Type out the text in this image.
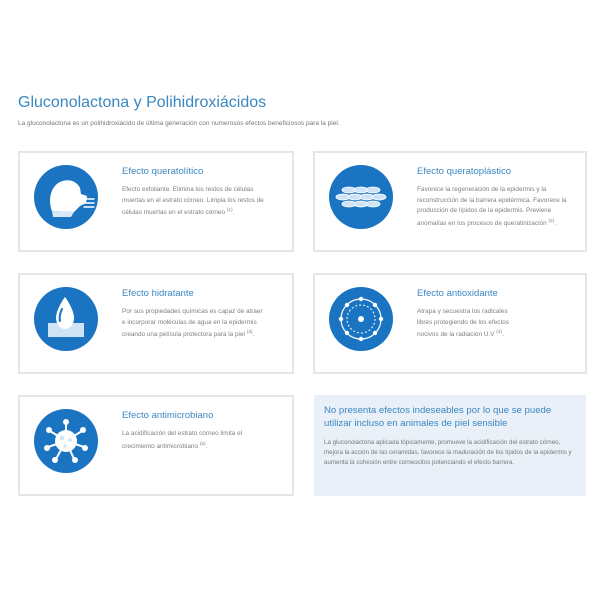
Gluconolactona y Polihidroxiácidos
La gluconolactona es un polihidroxiácido de última generación con numerosos efectos beneficiosos para la piel.
Efecto queratolítico
Efecto exfoliante. Elimina los restos de células muertas en el estrato córneo. Limpia los restos de células muertas en el estrato córneo $^{(1)}$.
Efecto queratoplástico
Favorece la regeneración de la epidermis y la reconstrucción de la barrera epidérmica. Favorece la producción de lípidos de la epidermis. Previene anomalías en los procesos de queratinización $^{(2)}$.
Efecto hidratante
Por sus propiedades químicas es capaz de atraer e incorporar moléculas de agua en la epidermis creando una película protectora para la piel $^{(3)}$.
Efecto antioxidante
Atrapa y secuestra los radicales libres protegiendo de los efectos nocivos de la radiación U.V $^{(4)}$.
Efecto antimicrobiano
La acidificación del estrato córneo limita el crecimiento antimicrobiano $^{(5)}$.
No presenta efectos indeseables por lo que se puede utilizar incluso en animales de piel sensible
La gluconolactona aplicada tópicamente, promueve la acidificación del estrato córneo, mejora la acción de las ceramidas, favorece la maduración de los lípidos de la epidermis y aumenta la cohesión entre corneocitos potenciando el efecto barrera.
